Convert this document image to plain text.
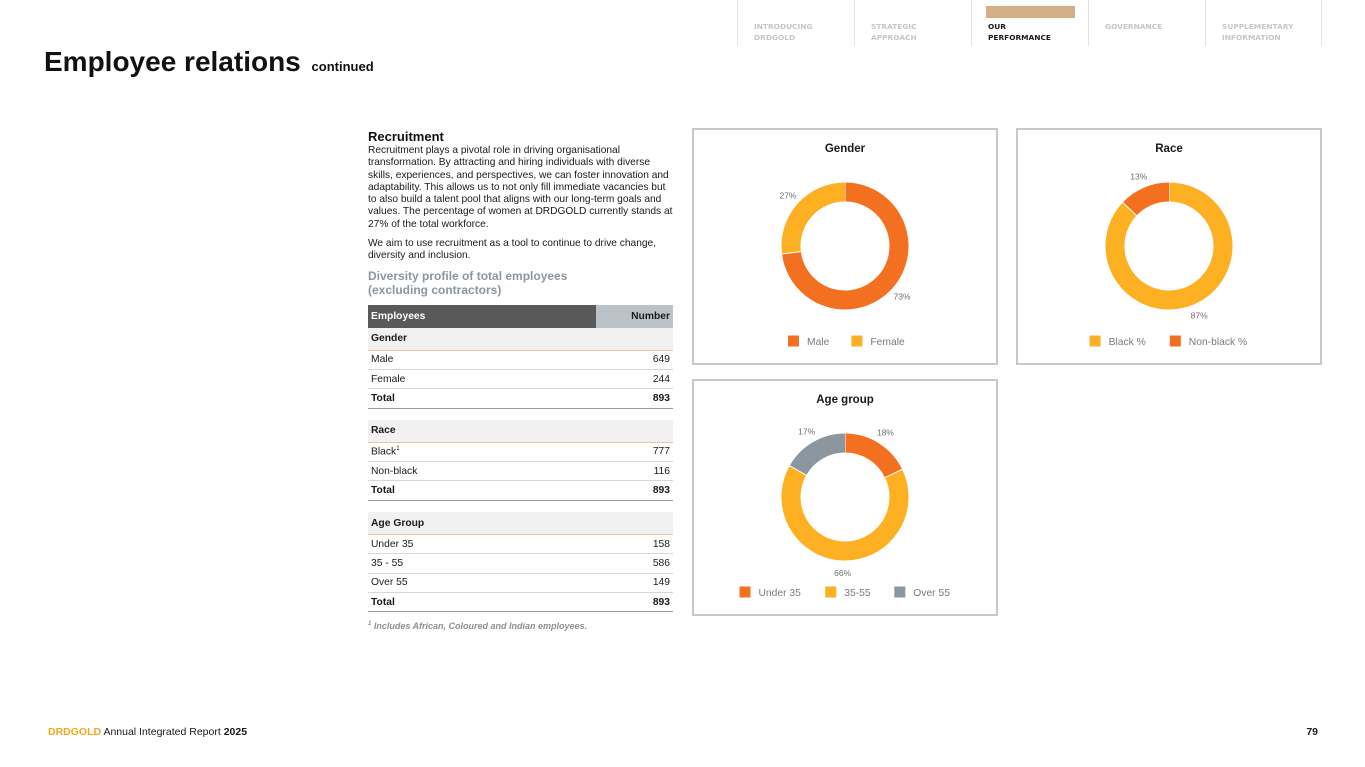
INTRODUCING
DRDGOLD
STRATEGIC
APPROACH
OUR
PERFORMANCE
GOVERNANCE	SUPPLEMENTARY
INFORMATION
Employee relations continued
Recruitment

Recruitment plays a pivotal role in driving organisational transformation. By attracting and hiring individuals with diverse skills, experiences, and perspectives, we can foster innovation and adaptability. This allows us to not only fill immediate vacancies but to also build a talent pool that aligns with our long-term goals and values. The percentage of women at DRDGOLD currently stands at 27% of the total workforce.

We aim to use recruitment as a tool to continue to drive change, diversity and inclusion.

Diversity profile of total employees (excluding contractors)
Employees	Number
Gender	
Male	649
Female	244
Total	893

Race	
Black$^1$	777
Non-black	116
Total	893

Age Group	
Under 35	158
35 - 55	586
Over 55	149
Total	893
$^1$ Includes African, Coloured and Indian employees.
Gender
73%
27%
Male	Female
Race
87%
13%
Black %	Non-black %
Age group
18%
66%
17%
Under 35	35-55	Over 55
DRDGOLD Annual Integrated Report 2025	79
